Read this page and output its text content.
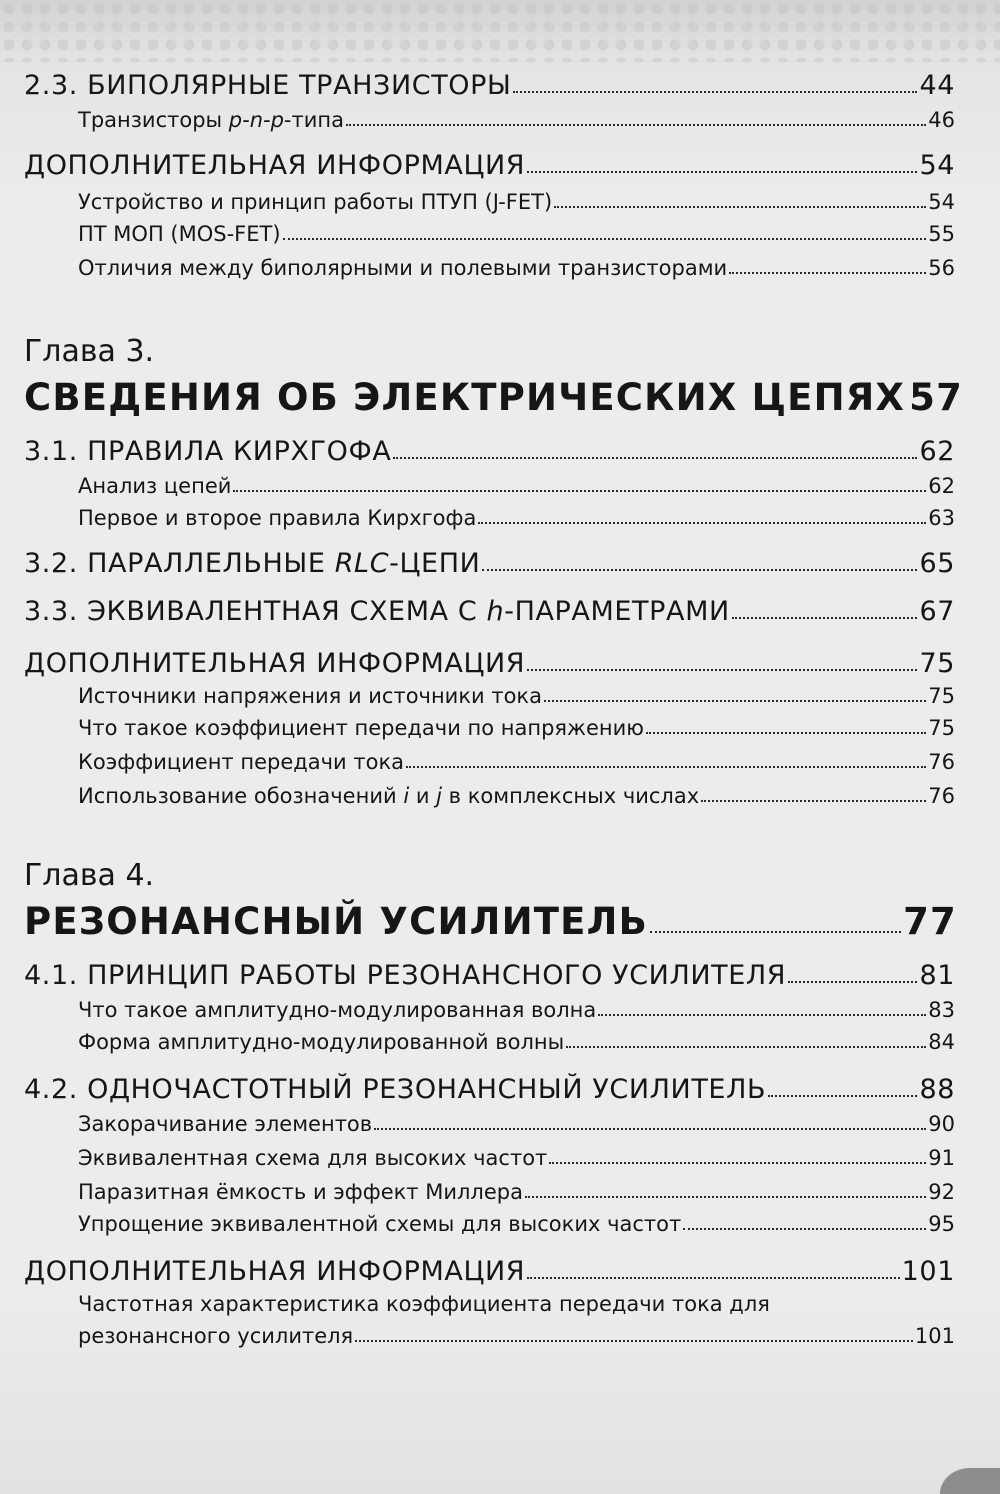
2.3. БИПОЛЯРНЫЕ ТРАНЗИСТОРЫ	44
Транзисторы p-n-p-типа	46
ДОПОЛНИТЕЛЬНАЯ ИНФОРМАЦИЯ	54
Устройство и принцип работы ПТУП (J-FET)	54
ПТ МОП (MOS-FET)	55
Отличия между биполярными и полевыми транзисторами	56
Глава 3.
СВЕДЕНИЯ ОБ ЭЛЕКТРИЧЕСКИХ ЦЕПЯХ 57
3.1. ПРАВИЛА КИРХГОФА	62
Анализ цепей	62
Первое и второе правила Кирхгофа	63
3.2. ПАРАЛЛЕЛЬНЫЕ RLC-ЦЕПИ	65
3.3. ЭКВИВАЛЕНТНАЯ СХЕМА С h-ПАРАМЕТРАМИ	67
ДОПОЛНИТЕЛЬНАЯ ИНФОРМАЦИЯ	75
Источники напряжения и источники тока	75
Что такое коэффициент передачи по напряжению	75
Коэффициент передачи тока	76
Использование обозначений i и j в комплексных числах	76
Глава 4.
РЕЗОНАНСНЫЙ УСИЛИТЕЛЬ	77
4.1. ПРИНЦИП РАБОТЫ РЕЗОНАНСНОГО УСИЛИТЕЛЯ	81
Что такое амплитудно-модулированная волна	83
Форма амплитудно-модулированной волны	84
4.2. ОДНОЧАСТОТНЫЙ РЕЗОНАНСНЫЙ УСИЛИТЕЛЬ	88
Закорачивание элементов	90
Эквивалентная схема для высоких частот	91
Паразитная ёмкость и эффект Миллера	92
Упрощение эквивалентной схемы для высоких частот	95
ДОПОЛНИТЕЛЬНАЯ ИНФОРМАЦИЯ	101
Частотная характеристика коэффициента передачи тока для
резонансного усилителя	101
